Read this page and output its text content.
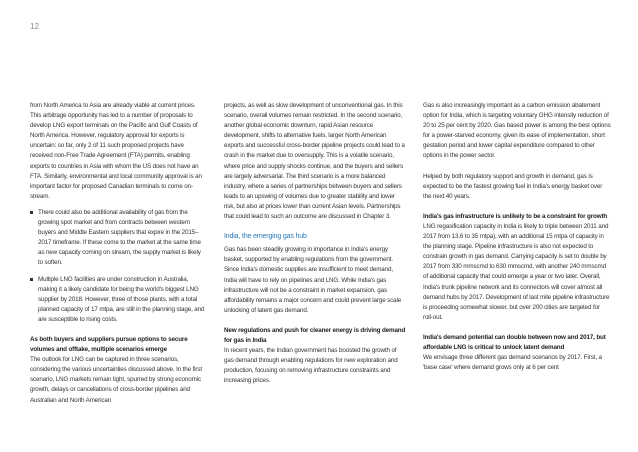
12

from North America to Asia are already viable at current prices. This arbitrage opportunity has led to a number of proposals to develop LNG export terminals on the Pacific and Gulf Coasts of North America. However, regulatory approval for exports is uncertain: so far, only 2 of 11 such proposed projects have received non-Free Trade Agreement (FTA) permits, enabling exports to countries in Asia with whom the US does not have an FTA. Similarly, environmental and local community approval is an important factor for proposed Canadian terminals to come on-stream.

There could also be additional availability of gas from the growing spot market and from contracts between western buyers and Middle Eastern suppliers that expire in the 2015–2017 timeframe. If these come to the market at the same time as new capacity coming on stream, the supply market is likely to soften.
Multiple LNG facilities are under construction in Australia, making it a likely candidate for being the world's biggest LNG supplier by 2018. However, three of those plants, with a total planned capacity of 17 mtpa, are still in the planning stage, and are susceptible to rising costs.

As both buyers and suppliers pursue options to secure volumes and offtake, multiple scenarios emerge

The outlook for LNG can be captured in three scenarios, considering the various uncertainties discussed above. In the first scenario, LNG markets remain tight, spurred by strong economic growth, delays or cancellations of cross-border pipelines and Australian and North American

projects, as well as slow development of unconventional gas. In this scenario, overall volumes remain restricted. In the second scenario, another global economic downturn, rapid Asian resource development, shifts to alternative fuels, larger North American exports and successful cross-border pipeline projects could lead to a crash in the market due to oversupply. This is a volatile scenario, where price and supply shocks continue, and the buyers and sellers are largely adversarial. The third scenario is a more balanced industry, where a series of partnerships between buyers and sellers leads to an upswing of volumes due to greater stability and lower risk, but also at prices lower than current Asian levels. Partnerships that could lead to such an outcome are discussed in Chapter 3.

India, the emerging gas hub

Gas has been steadily growing in importance in India's energy basket, supported by enabling regulations from the government. Since India's domestic supplies are insufficient to meet demand, India will have to rely on pipelines and LNG. While India's gas infrastructure will not be a constraint in market expansion, gas affordability remains a major concern and could prevent large scale unlocking of latent gas demand.

New regulations and push for cleaner energy is driving demand for gas in India

In recent years, the Indian government has boosted the growth of gas demand through enabling regulations for new exploration and production, focusing on removing infrastructure constraints and increasing prices.

Gas is also increasingly important as a carbon emission abatement option for India, which is targeting voluntary GHG intensity reduction of 20 to 25 per cent by 2020. Gas based power is among the best options for a power-starved economy, given its ease of implementation, short gestation period and lower capital expenditure compared to other options in the power sector.

Helped by both regulatory support and growth in demand, gas is expected to be the fastest growing fuel in India's energy basket over the next 40 years.

India's gas infrastructure is unlikely to be a constraint for growth

LNG regasification capacity in India is likely to triple between 2011 and 2017 from 13.6 to 35 mtpa), with an additional 15 mtpa of capacity in the planning stage. Pipeline infrastructure is also not expected to constrain growth in gas demand. Carrying capacity is set to double by 2017 from 330 mmscmd to 630 mmscmd, with another 240 mmscmd of additional capacity that could emerge a year or two later. Overall, India's trunk pipeline network and its connectors will cover almost all demand hubs by 2017. Development of last mile pipeline infrastructure is proceeding somewhat slower, but over 200 cities are targeted for roll-out.

India's demand potential can double between now and 2017, but affordable LNG is critical to unlock latent demand

We envisage three different gas demand scenarios by 2017. First, a 'base case' where demand grows only at 6 per cent
